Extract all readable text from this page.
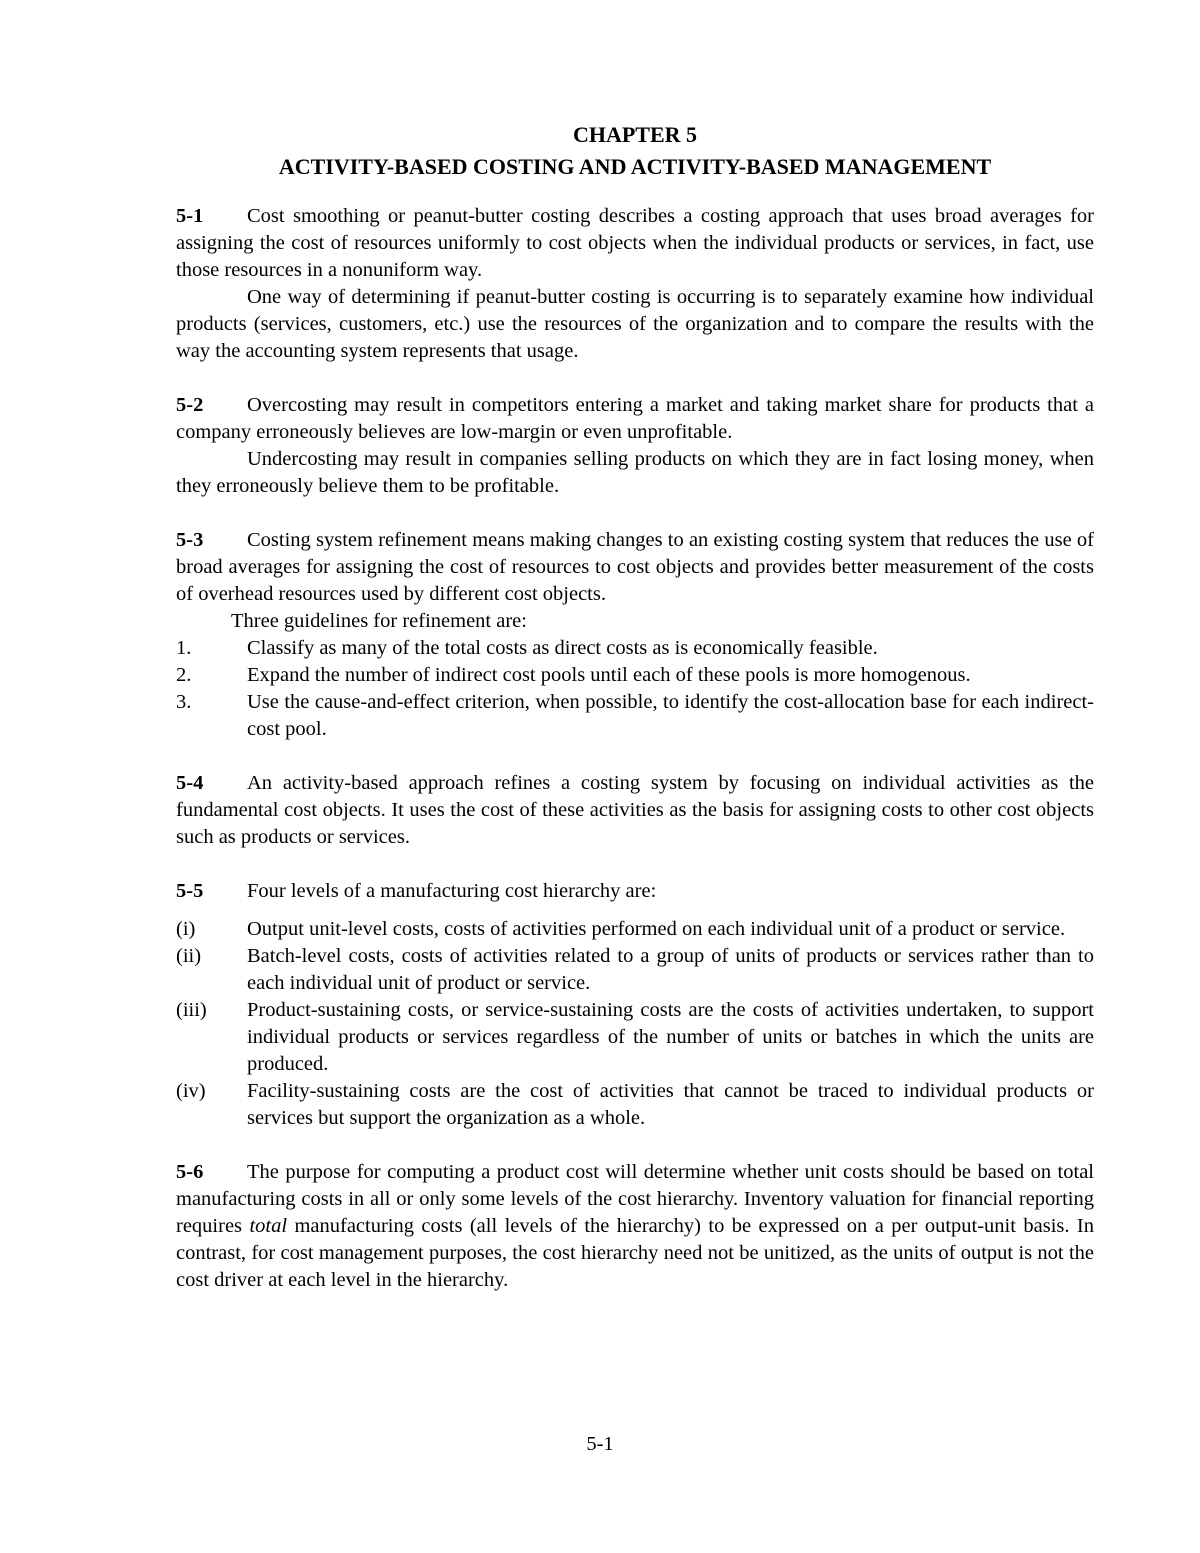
CHAPTER 5

ACTIVITY-BASED COSTING AND ACTIVITY-BASED MANAGEMENT

5-1 Cost smoothing or peanut-butter costing describes a costing approach that uses broad averages for assigning the cost of resources uniformly to cost objects when the individual products or services, in fact, use those resources in a nonuniform way.

One way of determining if peanut-butter costing is occurring is to separately examine how individual products (services, customers, etc.) use the resources of the organization and to compare the results with the way the accounting system represents that usage.

5-2 Overcosting may result in competitors entering a market and taking market share for products that a company erroneously believes are low-margin or even unprofitable.

Undercosting may result in companies selling products on which they are in fact losing money, when they erroneously believe them to be profitable.

5-3 Costing system refinement means making changes to an existing costing system that reduces the use of broad averages for assigning the cost of resources to cost objects and provides better measurement of the costs of overhead resources used by different cost objects.

Three guidelines for refinement are:

1.	Classify as many of the total costs as direct costs as is economically feasible.
2.	Expand the number of indirect cost pools until each of these pools is more homogenous.
3.	Use the cause-and-effect criterion, when possible, to identify the cost-allocation base for each indirect-cost pool.

5-4 An activity-based approach refines a costing system by focusing on individual activities as the fundamental cost objects. It uses the cost of these activities as the basis for assigning costs to other cost objects such as products or services.

5-5 Four levels of a manufacturing cost hierarchy are:

(i)	Output unit-level costs, costs of activities performed on each individual unit of a product or service.
(ii)	Batch-level costs, costs of activities related to a group of units of products or services rather than to each individual unit of product or service.
(iii)	Product-sustaining costs, or service-sustaining costs are the costs of activities undertaken, to support individual products or services regardless of the number of units or batches in which the units are produced.
(iv)	Facility-sustaining costs are the cost of activities that cannot be traced to individual products or services but support the organization as a whole.

5-6 The purpose for computing a product cost will determine whether unit costs should be based on total manufacturing costs in all or only some levels of the cost hierarchy. Inventory valuation for financial reporting requires total manufacturing costs (all levels of the hierarchy) to be expressed on a per output-unit basis. In contrast, for cost management purposes, the cost hierarchy need not be unitized, as the units of output is not the cost driver at each level in the hierarchy.

5-1
